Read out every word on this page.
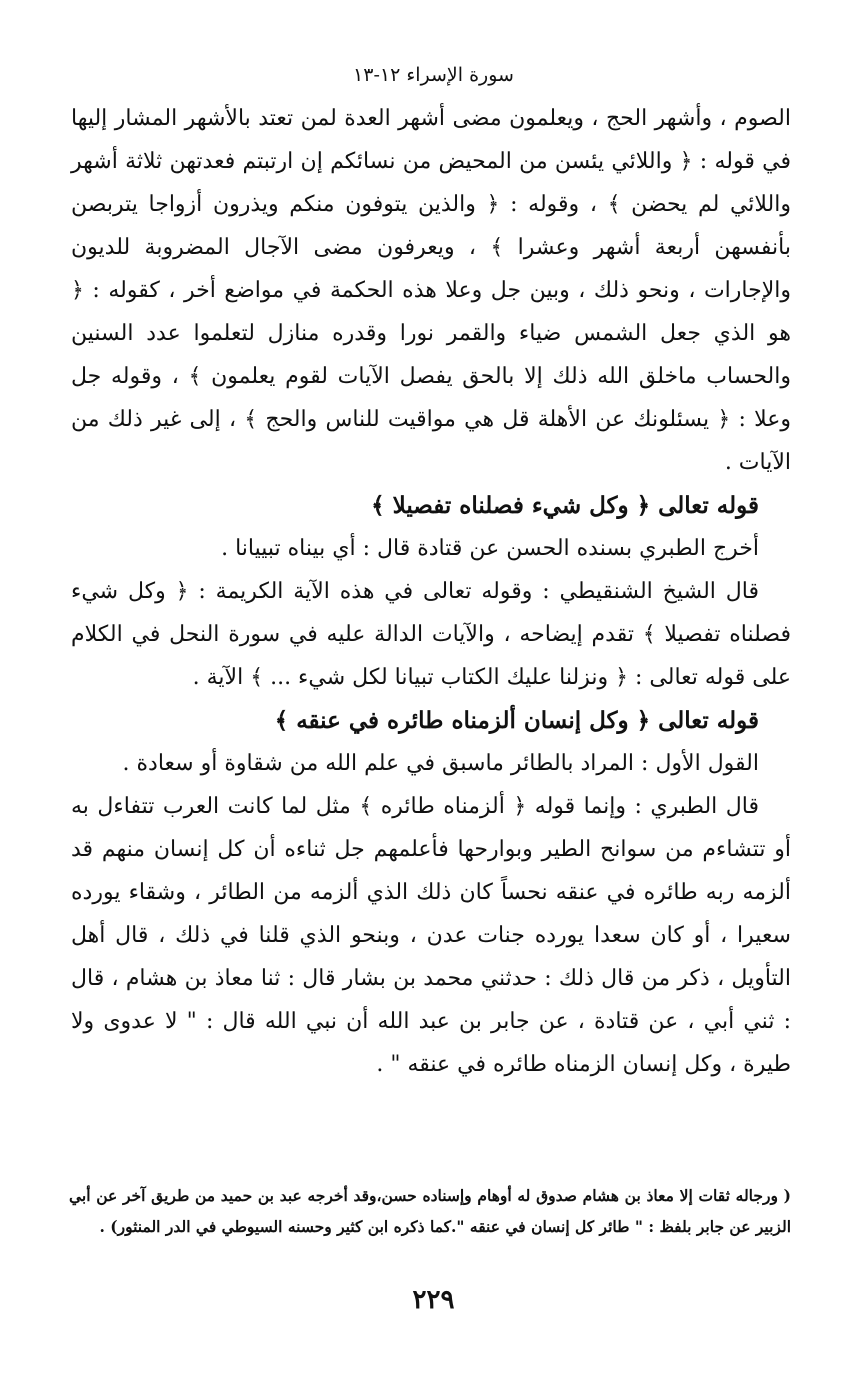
سورة الإسراء ١٢-١٣

الصوم ، وأشهر الحج ، ويعلمون مضى أشهر العدة لمن تعتد بالأشهر المشار إليها في قوله : ﴿ واللائي يئسن من المحيض من نسائكم إن ارتبتم فعدتهن ثلاثة أشهر واللائي لم يحضن ﴾ ، وقوله : ﴿ والذين يتوفون منكم ويذرون أزواجا يتربصن بأنفسهن أربعة أشهر وعشرا ﴾ ، ويعرفون مضى الآجال المضروبة للديون والإجارات ، ونحو ذلك ، وبين جل وعلا هذه الحكمة في مواضع أخر ، كقوله : ﴿ هو الذي جعل الشمس ضياء والقمر نورا وقدره منازل لتعلموا عدد السنين والحساب ماخلق الله ذلك إلا بالحق يفصل الآيات لقوم يعلمون ﴾ ، وقوله جل وعلا : ﴿ يسئلونك عن الأهلة قل هي مواقيت للناس والحج ﴾ ، إلى غير ذلك من الآيات .

قوله تعالى ﴿ وكل شيء فصلناه تفصيلا ﴾

أخرج الطبري بسنده الحسن عن قتادة قال : أي بيناه تبييانا .

قال الشيخ الشنقيطي : وقوله تعالى في هذه الآية الكريمة : ﴿ وكل شيء فصلناه تفصيلا ﴾ تقدم إيضاحه ، والآيات الدالة عليه في سورة النحل في الكلام على قوله تعالى : ﴿ ونزلنا عليك الكتاب تبيانا لكل شيء ... ﴾ الآية .

قوله تعالى ﴿ وكل إنسان ألزمناه طائره في عنقه ﴾

القول الأول : المراد بالطائر ماسبق في علم الله من شقاوة أو سعادة .

قال الطبري : وإنما قوله ﴿ ألزمناه طائره ﴾ مثل لما كانت العرب تتفاءل به أو تتشاءم من سوانح الطير وبوارحها فأعلمهم جل ثناءه أن كل إنسان منهم قد ألزمه ربه طائره في عنقه نحساً كان ذلك الذي ألزمه من الطائر ، وشقاء يورده سعيرا ، أو كان سعدا يورده جنات عدن ، وبنحو الذي قلنا في ذلك ، قال أهل التأويل ، ذكر من قال ذلك : حدثني محمد بن بشار قال : ثنا معاذ بن هشام ، قال : ثني أبي ، عن قتادة ، عن جابر بن عبد الله أن نبي الله قال : " لا عدوى ولا طيرة ، وكل إنسان الزمناه طائره في عنقه " .

( ورجاله ثقات إلا معاذ بن هشام صدوق له أوهام وإسناده حسن،وقد أخرجه عبد بن حميد من طريق آخر عن أبي الزبير عن جابر بلفظ : " طائر كل إنسان في عنقه ".كما ذكره ابن كثير وحسنه السيوطي في الدر المنثور) .

٢٢٩
